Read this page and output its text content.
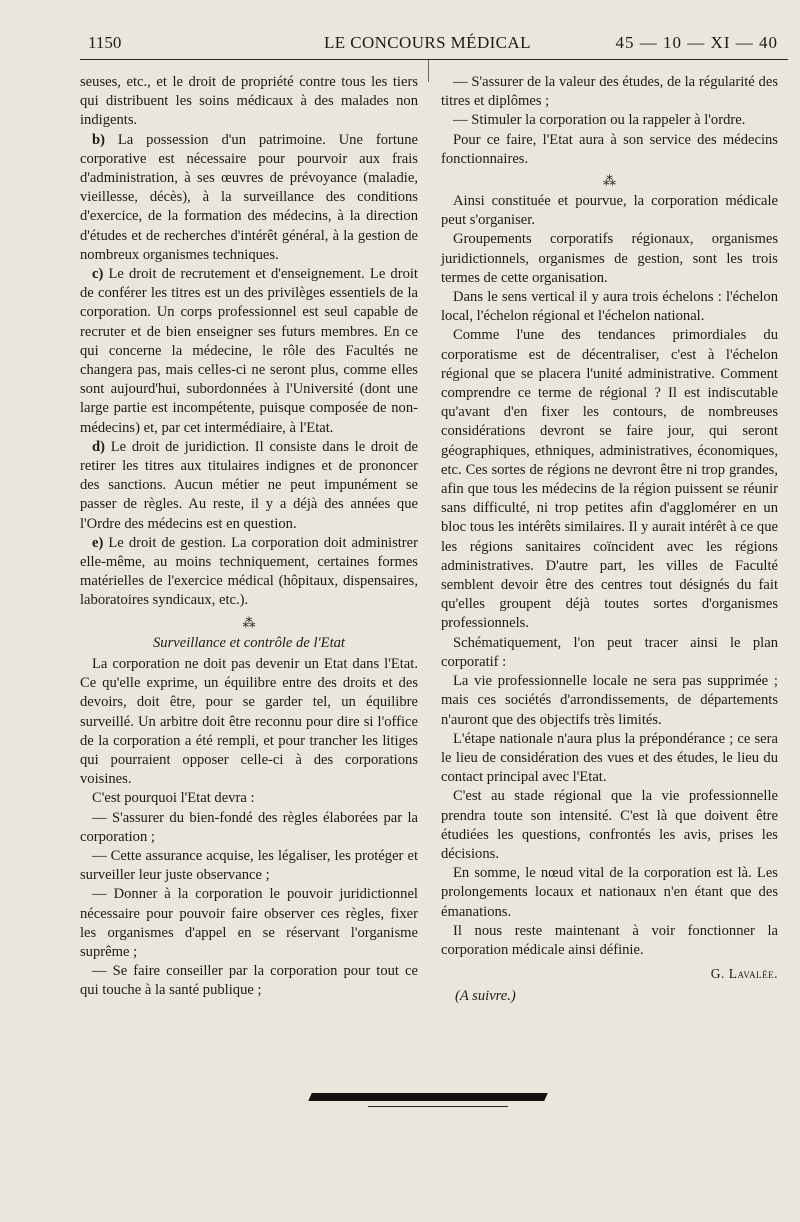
1150	LE CONCOURS MÉDICAL	45 — 10 — XI — 40

seuses, etc., et le droit de propriété contre tous les tiers qui distribuent les soins médicaux à des malades non indigents.

b) La possession d'un patrimoine. Une fortune corporative est nécessaire pour pourvoir aux frais d'administration, à ses œuvres de prévoyance (maladie, vieillesse, décès), à la surveillance des conditions d'exercice, de la formation des médecins, à la direction d'études et de recherches d'intérêt général, à la gestion de nombreux organismes techniques.

c) Le droit de recrutement et d'enseignement. Le droit de conférer les titres est un des privilèges essentiels de la corporation. Un corps professionnel est seul capable de recruter et de bien enseigner ses futurs membres. En ce qui concerne la médecine, le rôle des Facultés ne changera pas, mais celles-ci ne seront plus, comme elles sont aujourd'hui, subordonnées à l'Université (dont une large partie est incompétente, puisque composée de non-médecins) et, par cet intermédiaire, à l'Etat.

d) Le droit de juridiction. Il consiste dans le droit de retirer les titres aux titulaires indignes et de prononcer des sanctions. Aucun métier ne peut impunément se passer de règles. Au reste, il y a déjà des années que l'Ordre des médecins est en question.

e) Le droit de gestion. La corporation doit administrer elle-même, au moins techniquement, certaines formes matérielles de l'exercice médical (hôpitaux, dispensaires, laboratoires syndicaux, etc.).

⁂
Surveillance et contrôle de l'Etat

La corporation ne doit pas devenir un Etat dans l'Etat. Ce qu'elle exprime, un équilibre entre des droits et des devoirs, doit être, pour se garder tel, un équilibre surveillé. Un arbitre doit être reconnu pour dire si l'office de la corporation a été rempli, et pour trancher les litiges qui pourraient opposer celle-ci à des corporations voisines.

C'est pourquoi l'Etat devra :

— S'assurer du bien-fondé des règles élaborées par la corporation ;

— Cette assurance acquise, les légaliser, les protéger et surveiller leur juste observance ;

— Donner à la corporation le pouvoir juridictionnel nécessaire pour pouvoir faire observer ces règles, fixer les organismes d'appel en se réservant l'organisme suprême ;

— Se faire conseiller par la corporation pour tout ce qui touche à la santé publique ;

— S'assurer de la valeur des études, de la régularité des titres et diplômes ;

— Stimuler la corporation ou la rappeler à l'ordre.

Pour ce faire, l'Etat aura à son service des médecins fonctionnaires.

⁂

Ainsi constituée et pourvue, la corporation médicale peut s'organiser.

Groupements corporatifs régionaux, organismes juridictionnels, organismes de gestion, sont les trois termes de cette organisation.

Dans le sens vertical il y aura trois échelons : l'échelon local, l'échelon régional et l'échelon national.

Comme l'une des tendances primordiales du corporatisme est de décentraliser, c'est à l'échelon régional que se placera l'unité administrative. Comment comprendre ce terme de régional ? Il est indiscutable qu'avant d'en fixer les contours, de nombreuses considérations devront se faire jour, qui seront géographiques, ethniques, administratives, économiques, etc. Ces sortes de régions ne devront être ni trop grandes, afin que tous les médecins de la région puissent se réunir sans difficulté, ni trop petites afin d'agglomérer en un bloc tous les intérêts similaires. Il y aurait intérêt à ce que les régions sanitaires coïncident avec les régions administratives. D'autre part, les villes de Faculté semblent devoir être des centres tout désignés du fait qu'elles groupent déjà toutes sortes d'organismes professionnels.

Schématiquement, l'on peut tracer ainsi le plan corporatif :

La vie professionnelle locale ne sera pas supprimée ; mais ces sociétés d'arrondissements, de départements n'auront que des objectifs très limités.

L'étape nationale n'aura plus la prépondérance ; ce sera le lieu de considération des vues et des études, le lieu du contact principal avec l'Etat.

C'est au stade régional que la vie professionnelle prendra toute son intensité. C'est là que doivent être étudiées les questions, confrontés les avis, prises les décisions.

En somme, le nœud vital de la corporation est là. Les prolongements locaux et nationaux n'en étant que des émanations.

Il nous reste maintenant à voir fonctionner la corporation médicale ainsi définie.

G. Lavalée.
(A suivre.)
